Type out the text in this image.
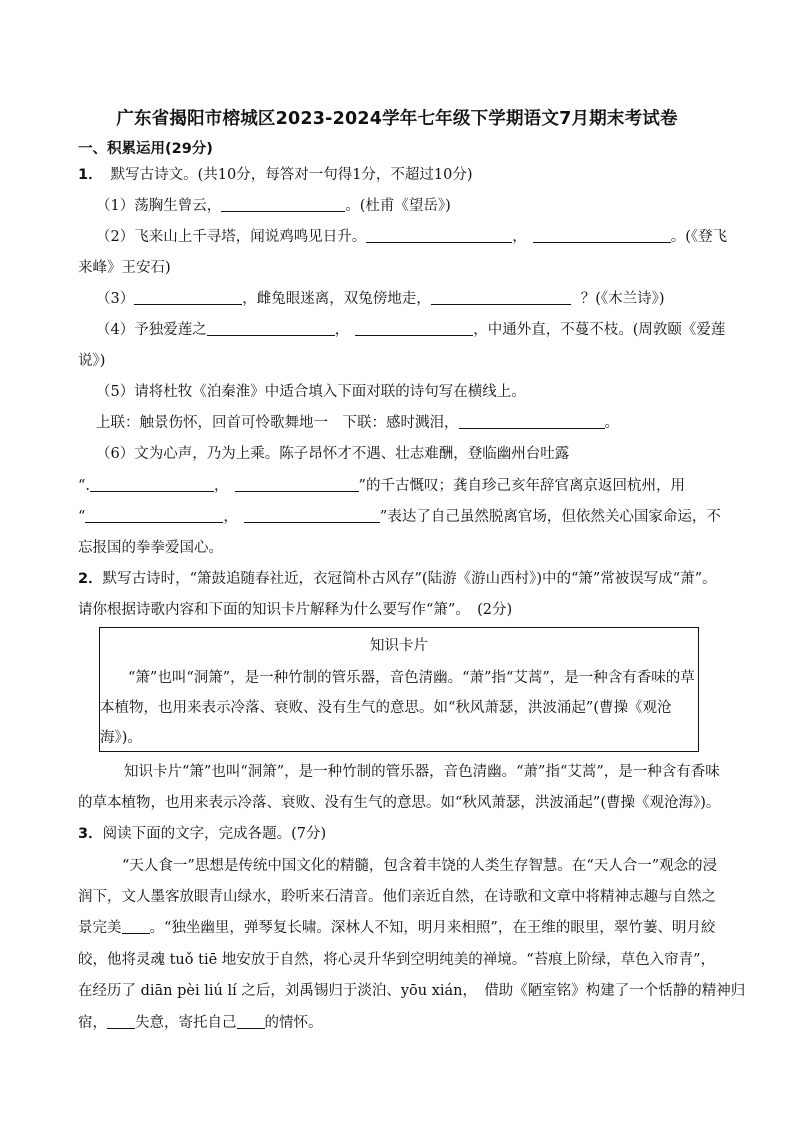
广东省揭阳市榕城区2023-2024学年七年级下学期语文7月期末考试卷
一、积累运用(29分)
1． 默写古诗文。(共10分，每答对一句得1分，不超过10分)
（1）荡胸生曾云，	。(杜甫《望岳》)
（2）飞来山上千寻塔，闻说鸡鸣见日升。	，	。(《登飞
来峰》王安石)
（3）	，雌兔眼迷离，双兔傍地走，	？(《木兰诗》)
（4）予独爱莲之	，	，中通外直，不蔓不枝。(周敦颐《爱莲
说》)
（5）请将杜牧《泊秦淮》中适合填入下面对联的诗句写在横线上。
上联：触景伤怀，回首可怜歌舞地一　下联：感时溅泪，	。
（6）文为心声，乃为上乘。陈子昂怀才不遇、壮志难酬，登临幽州台吐露
“.	，	”的千古慨叹；龚自珍己亥年辞官离京返回杭州，用
“	，	”表达了自己虽然脱离官场，但依然关心国家命运，不
忘报国的拳拳爱国心。
2．默写古诗时，“箫鼓追随春社近，衣冠简朴古风存”(陆游《游山西村》)中的“箫”常被误写成“萧”。
请你根据诗歌内容和下面的知识卡片解释为什么要写作“箫”。　(2分)
知识卡片
“箫”也叫“洞箫”，是一种竹制的管乐器，音色清幽。“萧”指“艾蒿”，是一种含有香味的草
本植物，也用来表示冷落、衰败、没有生气的意思。如“秋风萧瑟，洪波涌起”(曹操《观沧
海》)。
知识卡片“箫”也叫“洞箫”，是一种竹制的管乐器，音色清幽。“萧”指“艾蒿”，是一种含有香味
的草本植物，也用来表示冷落、衰败、没有生气的意思。如“秋风萧瑟，洪波涌起”(曹操《观沧海》)。
3．阅读下面的文字，完成各题。(7分)
“天人食一”思想是传统中国文化的精髓，包含着丰饶的人类生存智慧。在“天人合一”观念的浸
润下，文人墨客放眼青山绿水，聆听来石清音。他们亲近自然，在诗歌和文章中将精神志趣与自然之
景完美 。“独坐幽里，弹琴复长啸。深林人不知，明月来相照”，在王维的眼里，翠竹萋、明月絞
皎，他将灵魂 tuǒ tiē 地安放于自然，将心灵升华到空明纯美的禅境。“苔痕上阶绿，草色入帘青”，
在经历了 diān pèi liú lí 之后，刘禹锡归于淡泊、yōu xián，　借助《陋室铭》构建了一个恬静的精神归
宿， 失意，寄托自己 的情怀。
